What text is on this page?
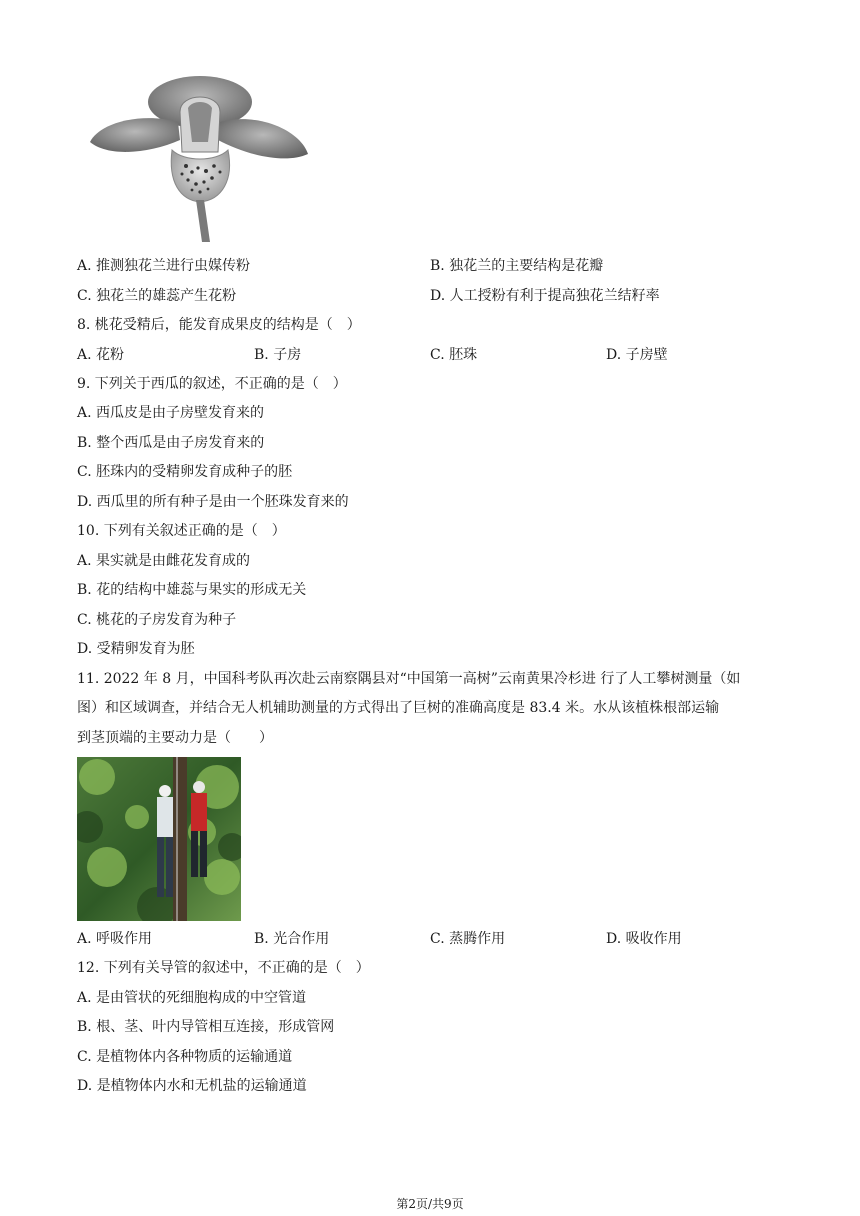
A. 推测独花兰进行虫媒传粉	B. 独花兰的主要结构是花瓣
C. 独花兰的雄蕊产生花粉	D. 人工授粉有利于提高独花兰结籽率
8. 桃花受精后，能发育成果皮的结构是（　）
A. 花粉	B. 子房	C. 胚珠	D. 子房壁
9. 下列关于西瓜的叙述，不正确的是（　）
A. 西瓜皮是由子房壁发育来的
B. 整个西瓜是由子房发育来的
C. 胚珠内的受精卵发育成种子的胚
D. 西瓜里的所有种子是由一个胚珠发育来的
10. 下列有关叙述正确的是（　）
A. 果实就是由雌花发育成的
B. 花的结构中雄蕊与果实的形成无关
C. 桃花的子房发育为种子
D. 受精卵发育为胚
11. 2022 年 8 月，中国科考队再次赴云南察隅县对“中国第一高树”云南黄果冷杉进 行了人工攀树测量（如
图）和区域调查，并结合无人机辅助测量的方式得出了巨树的准确高度是 83.4 米。水从该植株根部运输
到茎顶端的主要动力是（　　）
A. 呼吸作用	B. 光合作用	C. 蒸腾作用	D. 吸收作用
12. 下列有关导管的叙述中，不正确的是（　）
A. 是由管状的死细胞构成的中空管道
B. 根、茎、叶内导管相互连接，形成管网
C. 是植物体内各种物质的运输通道
D. 是植物体内水和无机盐的运输通道
第2页/共9页
